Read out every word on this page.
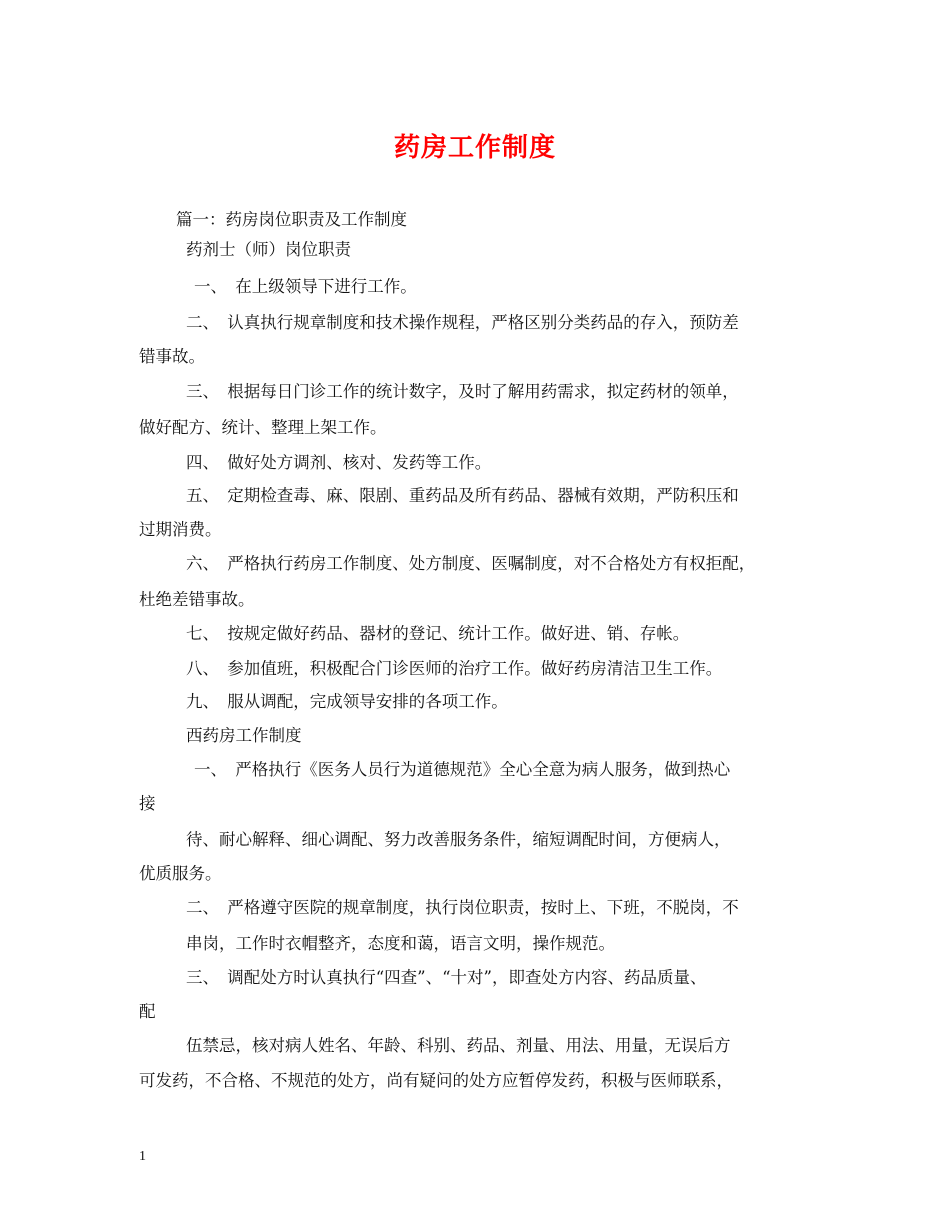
药房工作制度
篇一：药房岗位职责及工作制度
药剂士（师）岗位职责
一、　在上级领导下进行工作。
二、　认真执行规章制度和技术操作规程，严格区别分类药品的存入，预防差
错事故。
三、　根据每日门诊工作的统计数字，及时了解用药需求，拟定药材的领单，
做好配方、统计、整理上架工作。
四、　做好处方调剂、核对、发药等工作。
五、　定期检查毒、麻、限剧、重药品及所有药品、器械有效期，严防积压和
过期消费。
六、　严格执行药房工作制度、处方制度、医嘱制度，对不合格处方有权拒配，
杜绝差错事故。
七、　按规定做好药品、器材的登记、统计工作。做好进、销、存帐。
八、　参加值班，积极配合门诊医师的治疗工作。做好药房清洁卫生工作。
九、　服从调配，完成领导安排的各项工作。
西药房工作制度
一、　严格执行《医务人员行为道德规范》全心全意为病人服务，做到热心
接
待、耐心解释、细心调配、努力改善服务条件，缩短调配时间，方便病人，
优质服务。
二、　严格遵守医院的规章制度，执行岗位职责，按时上、下班，不脱岗，不
串岗，工作时衣帽整齐，态度和蔼，语言文明，操作规范。
三、　调配处方时认真执行“四查”、“十对”，即查处方内容、药品质量、
配
伍禁忌，核对病人姓名、年龄、科别、药品、剂量、用法、用量，无误后方
可发药，不合格、不规范的处方，尚有疑问的处方应暂停发药，积极与医师联系，
1
